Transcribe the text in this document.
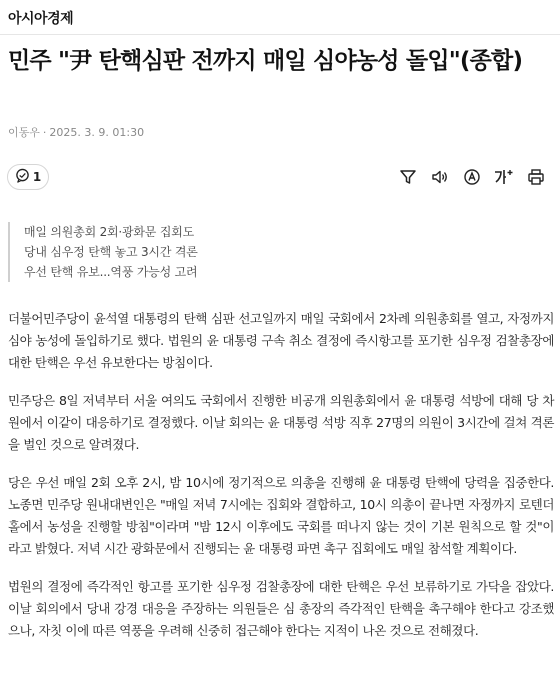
아시아경제
민주 "尹 탄핵심판 전까지 매일 심야농성 돌입"(종합)
이동우 · 2025. 3. 9. 01:30
1

매일 의원총회 2회·광화문 집회도

당내 심우정 탄핵 놓고 3시간 격론

우선 탄핵 유보...역풍 가능성 고려

더불어민주당이 윤석열 대통령의 탄핵 심판 선고일까지 매일 국회에서 2차례 의원총회를 열고, 자정까지 심야 농성에 돌입하기로 했다. 법원의 윤 대통령 구속 취소 결정에 즉시항고를 포기한 심우정 검찰총장에 대한 탄핵은 우선 유보한다는 방침이다.

민주당은 8일 저녁부터 서울 여의도 국회에서 진행한 비공개 의원총회에서 윤 대통령 석방에 대해 당 차원에서 이같이 대응하기로 결정했다. 이날 회의는 윤 대통령 석방 직후 27명의 의원이 3시간에 걸쳐 격론을 벌인 것으로 알려졌다.

당은 우선 매일 2회 오후 2시, 밤 10시에 정기적으로 의총을 진행해 윤 대통령 탄핵에 당력을 집중한다. 노종면 민주당 원내대변인은 "매일 저녁 7시에는 집회와 결합하고, 10시 의총이 끝나면 자정까지 로텐더홀에서 농성을 진행할 방침"이라며 "밤 12시 이후에도 국회를 떠나지 않는 것이 기본 원칙으로 할 것"이라고 밝혔다. 저녁 시간 광화문에서 진행되는 윤 대통령 파면 촉구 집회에도 매일 참석할 계획이다.

법원의 결정에 즉각적인 항고를 포기한 심우정 검찰총장에 대한 탄핵은 우선 보류하기로 가닥을 잡았다. 이날 회의에서 당내 강경 대응을 주장하는 의원들은 심 총장의 즉각적인 탄핵을 촉구해야 한다고 강조했으나, 자칫 이에 따른 역풍을 우려해 신중히 접근해야 한다는 지적이 나온 것으로 전해졌다.
